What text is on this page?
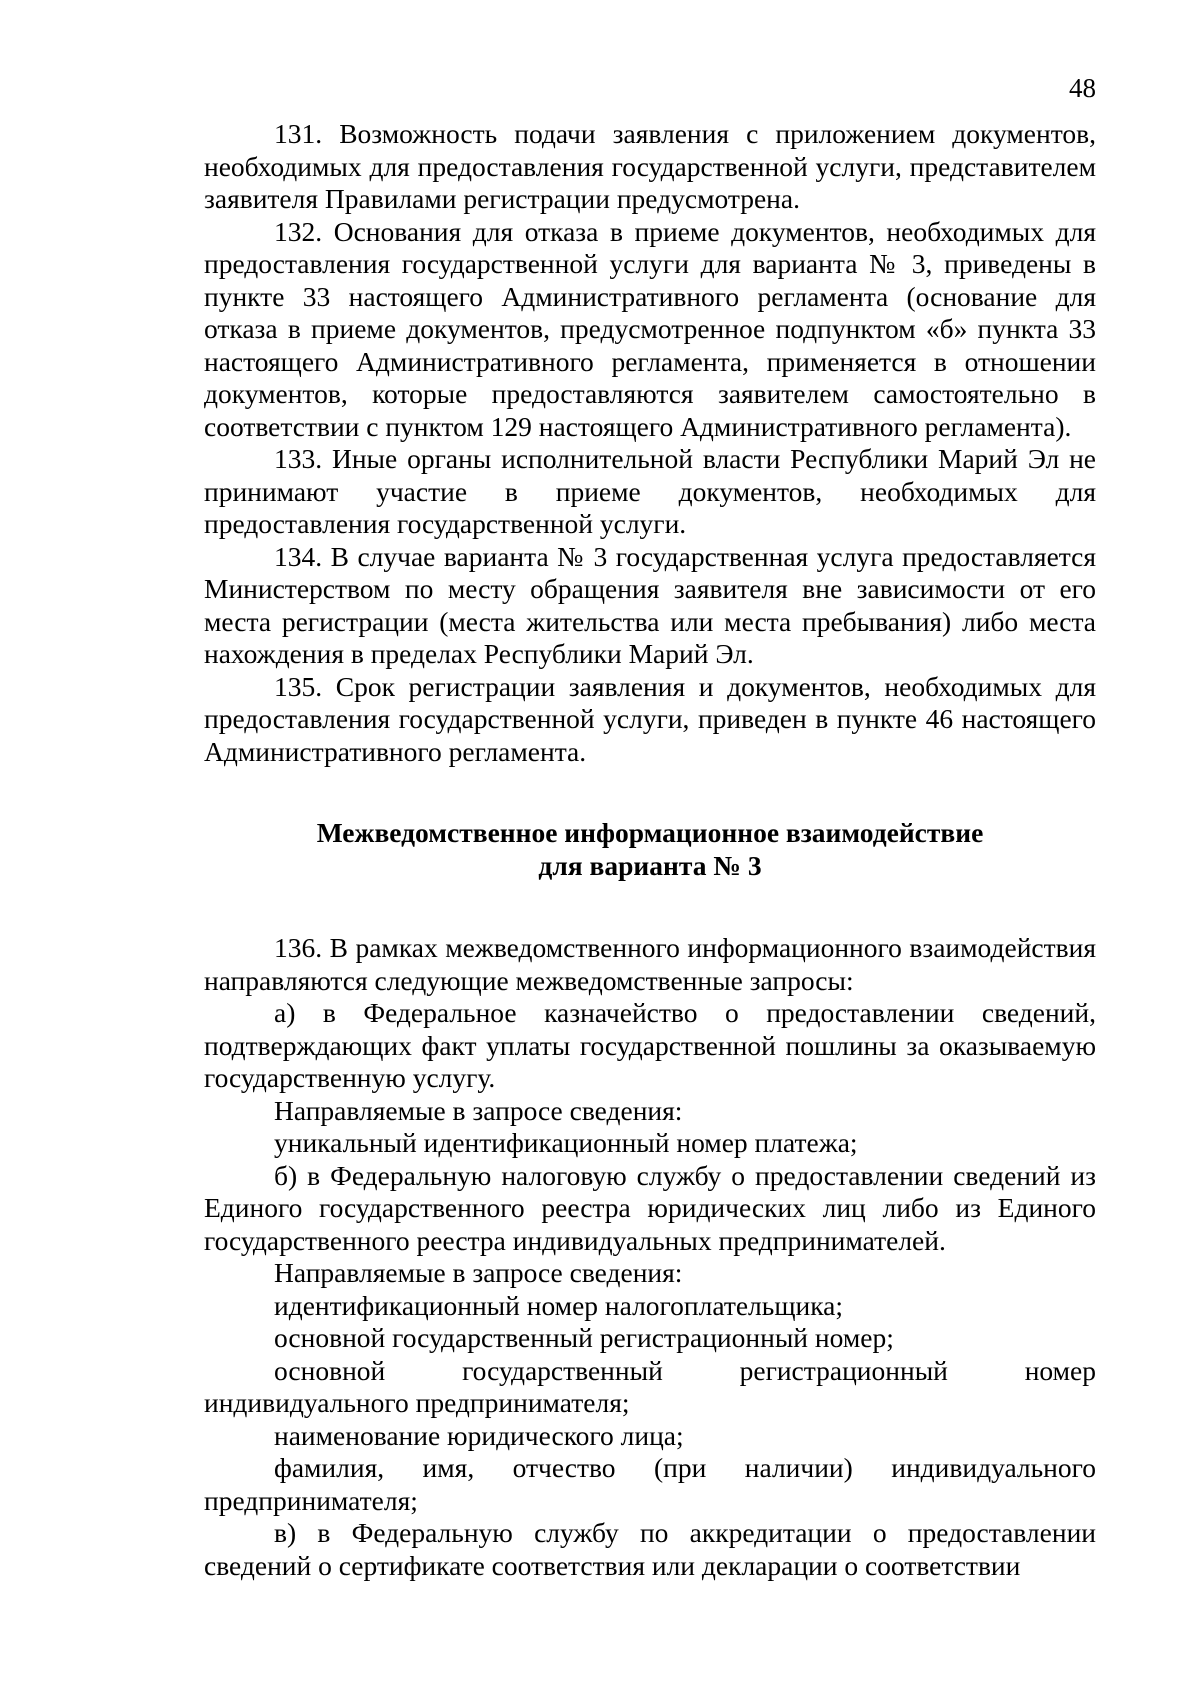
48

131. Возможность подачи заявления с приложением документов, необходимых для предоставления государственной услуги, представителем заявителя Правилами регистрации предусмотрена.

132. Основания для отказа в приеме документов, необходимых для предоставления государственной услуги для варианта № 3, приведены в пункте 33 настоящего Административного регламента (основание для отказа в приеме документов, предусмотренное подпунктом «б» пункта 33 настоящего Административного регламента, применяется в отношении документов, которые предоставляются заявителем самостоятельно в соответствии с пунктом 129 настоящего Административного регламента).

133. Иные органы исполнительной власти Республики Марий Эл не принимают участие в приеме документов, необходимых для предоставления государственной услуги.

134. В случае варианта № 3 государственная услуга предоставляется Министерством по месту обращения заявителя вне зависимости от его места регистрации (места жительства или места пребывания) либо места нахождения в пределах Республики Марий Эл.

135. Срок регистрации заявления и документов, необходимых для предоставления государственной услуги, приведен в пункте 46 настоящего Административного регламента.

Межведомственное информационное взаимодействие
для варианта № 3

136. В рамках межведомственного информационного взаимодействия направляются следующие межведомственные запросы:

а) в Федеральное казначейство о предоставлении сведений, подтверждающих факт уплаты государственной пошлины за оказываемую государственную услугу.

Направляемые в запросе сведения:

уникальный идентификационный номер платежа;

б) в Федеральную налоговую службу о предоставлении сведений из Единого государственного реестра юридических лиц либо из Единого государственного реестра индивидуальных предпринимателей.

Направляемые в запросе сведения:

идентификационный номер налогоплательщика;

основной государственный регистрационный номер;

основной государственный регистрационный номер индивидуального предпринимателя;

наименование юридического лица;

фамилия, имя, отчество (при наличии) индивидуального предпринимателя;

в) в Федеральную службу по аккредитации о предоставлении сведений о сертификате соответствия или декларации о соответствии
